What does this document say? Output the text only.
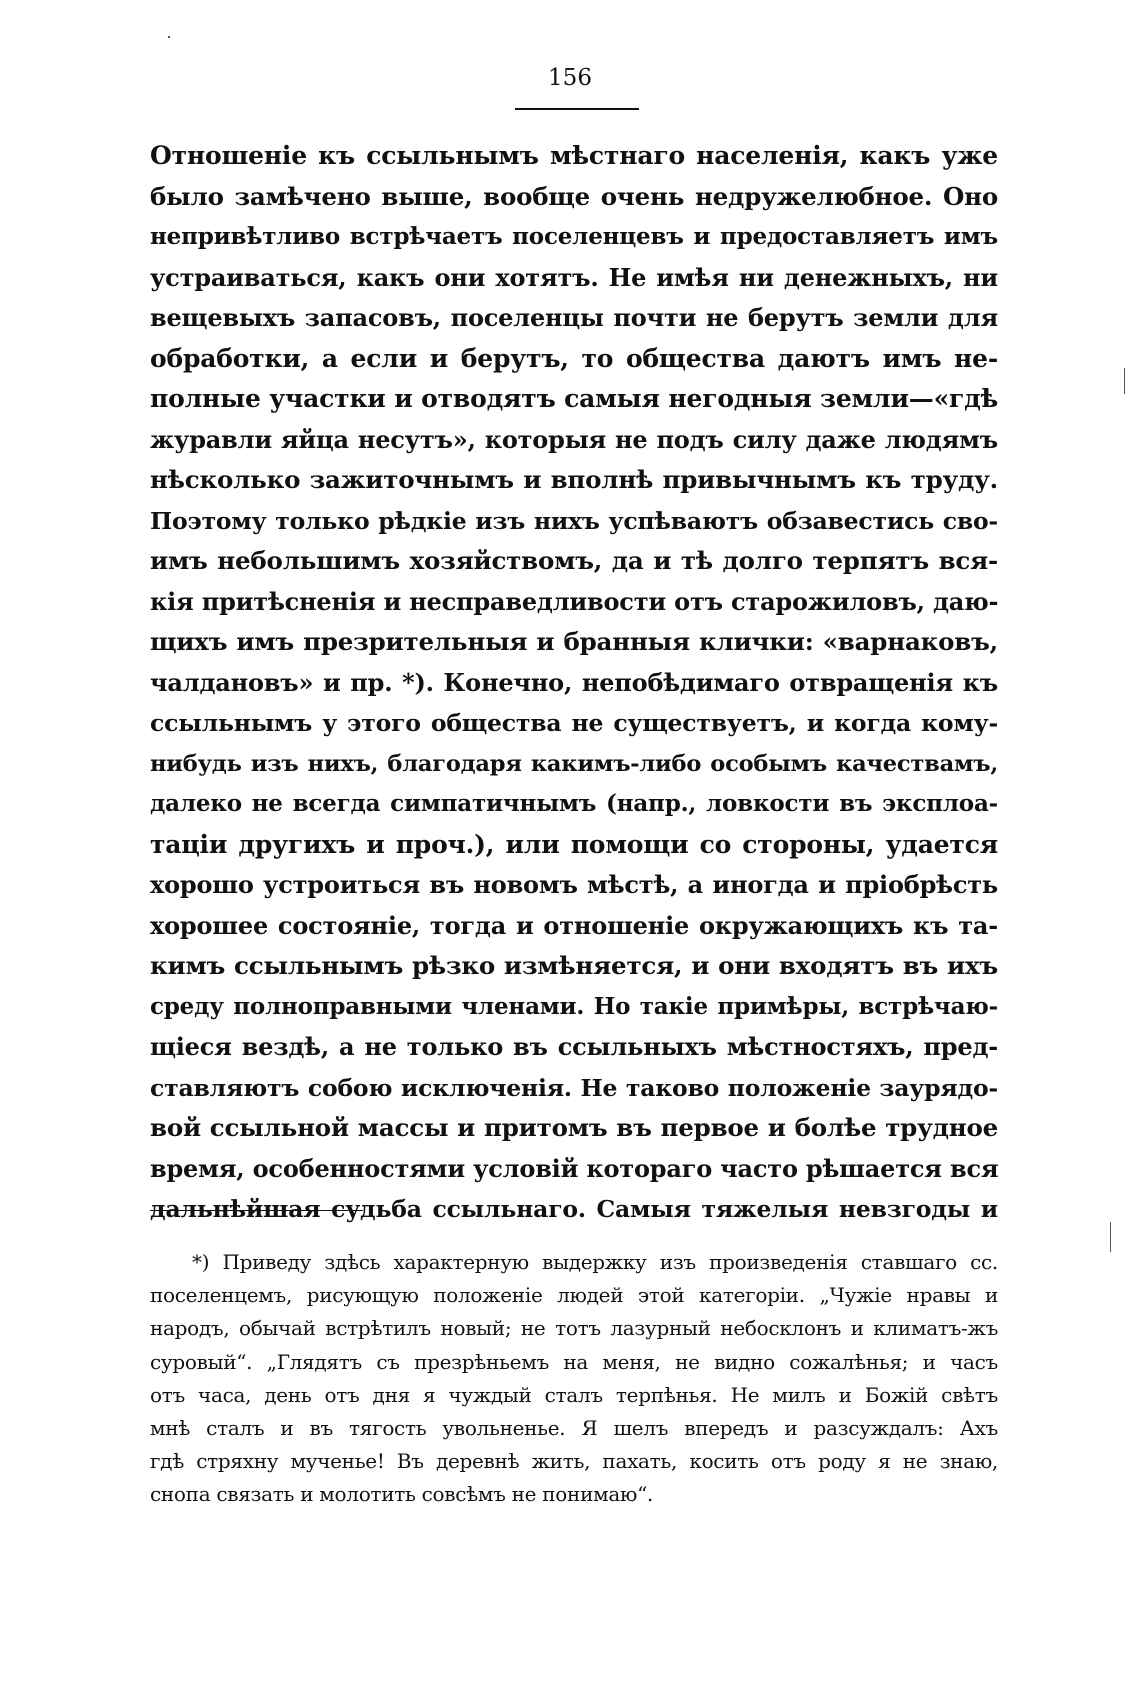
156
Отношеніе къ ссыльнымъ мѣстнаго населенія, какъ уже
было замѣчено выше, вообще очень недружелюбное. Оно
непривѣтливо встрѣчаетъ поселенцевъ и предоставляетъ имъ
устраиваться, какъ они хотятъ. Не имѣя ни денежныхъ, ни
вещевыхъ запасовъ, поселенцы почти не берутъ земли для
обработки, а если и берутъ, то общества даютъ имъ не-
полные участки и отводятъ самыя негодныя земли—«гдѣ
журавли яйца несутъ», которыя не подъ силу даже людямъ
нѣсколько зажиточнымъ и вполнѣ привычнымъ къ труду.
Поэтому только рѣдкіе изъ нихъ успѣваютъ обзавестись сво-
имъ небольшимъ хозяйствомъ, да и тѣ долго терпятъ вся-
кія притѣсненія и несправедливости отъ старожиловъ, даю-
щихъ имъ презрительныя и бранныя клички: «варнаковъ,
чалдановъ» и пр. *). Конечно, непобѣдимаго отвращенія къ
ссыльнымъ у этого общества не существуетъ, и когда кому-
нибудь изъ нихъ, благодаря какимъ-либо особымъ качествамъ,
далеко не всегда симпатичнымъ (напр., ловкости въ эксплоа-
таціи другихъ и проч.), или помощи со стороны, удается
хорошо устроиться въ новомъ мѣстѣ, а иногда и пріобрѣсть
хорошее состояніе, тогда и отношеніе окружающихъ къ та-
кимъ ссыльнымъ рѣзко измѣняется, и они входятъ въ ихъ
среду полноправными членами. Но такіе примѣры, встрѣчаю-
щіеся вездѣ, а не только въ ссыльныхъ мѣстностяхъ, пред-
ставляютъ собою исключенія. Не таково положеніе заурядо-
вой ссыльной массы и притомъ въ первое и болѣе трудное
время, особенностями условій котораго часто рѣшается вся
дальнѣйшая судьба ссыльнаго. Самыя тяжелыя невзгоды и
*) Приведу здѣсь характерную выдержку изъ произведенія ставшаго сс.
поселенцемъ, рисующую положеніе людей этой категоріи. „Чужіе нравы и
народъ, обычай встрѣтилъ новый; не тотъ лазурный небосклонъ и климатъ-жъ
суровый“. „Глядятъ съ презрѣньемъ на меня, не видно сожалѣнья; и часъ
отъ часа, день отъ дня я чуждый сталъ терпѣнья. Не милъ и Божій свѣтъ
мнѣ сталъ и въ тягость увольненье. Я шелъ впередъ и разсуждалъ: Ахъ
гдѣ стряхну мученье! Въ деревнѣ жить, пахать, косить отъ роду я не знаю,
снопа связать и молотить совсѣмъ не понимаю“.
